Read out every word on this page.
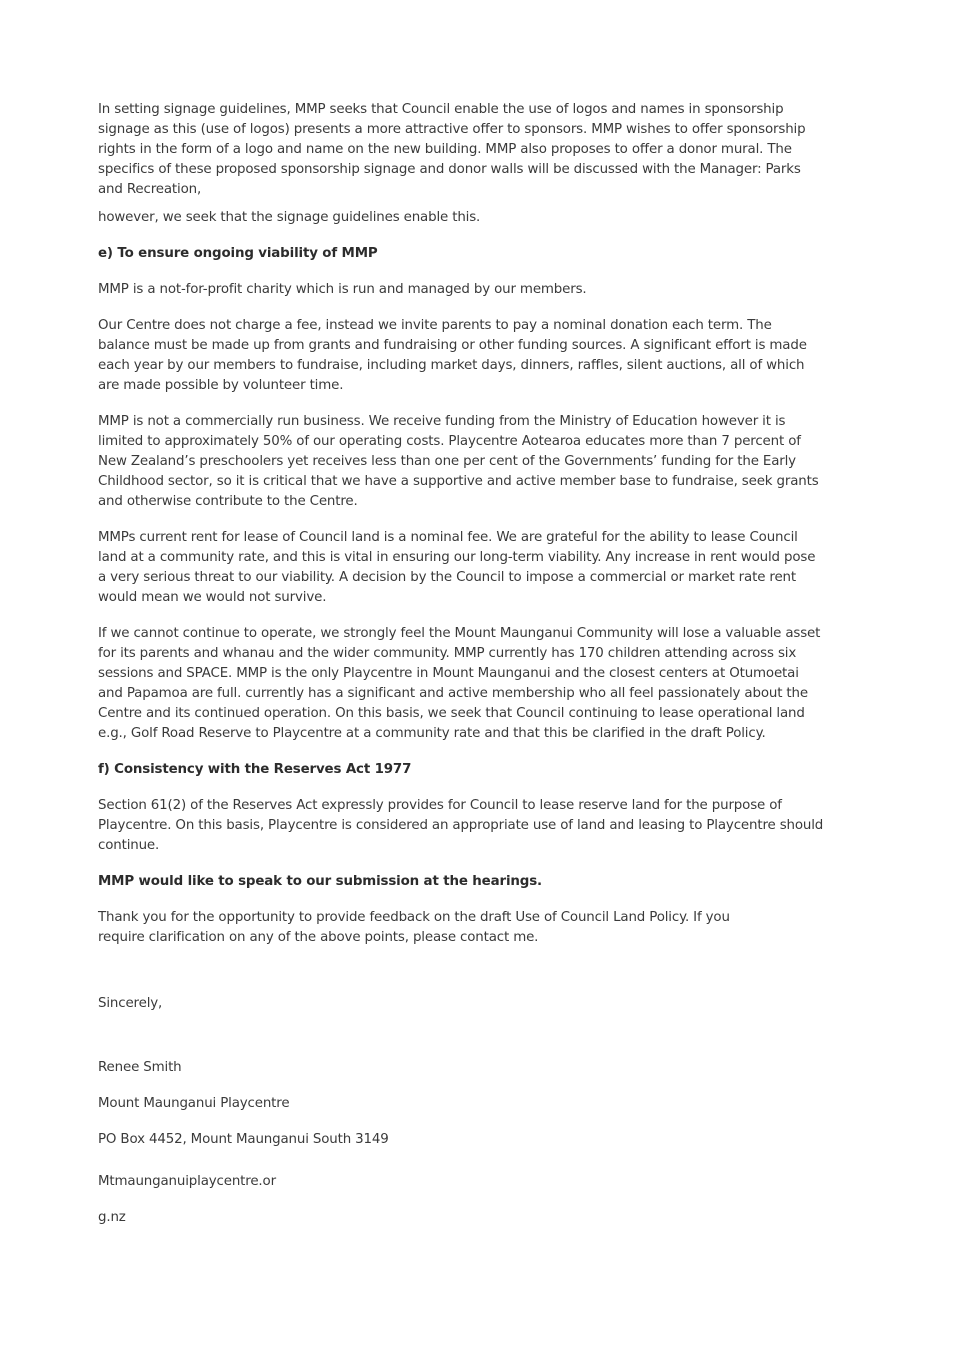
In setting signage guidelines, MMP seeks that Council enable the use of logos and names in sponsorship signage as this (use of logos) presents a more attractive offer to sponsors. MMP wishes to offer sponsorship rights in the form of a logo and name on the new building. MMP also proposes to offer a donor mural. The specifics of these proposed sponsorship signage and donor walls will be discussed with the Manager: Parks and Recreation,

however, we seek that the signage guidelines enable this.

e) To ensure ongoing viability of MMP

MMP is a not-for-profit charity which is run and managed by our members.

Our Centre does not charge a fee, instead we invite parents to pay a nominal donation each term. The balance must be made up from grants and fundraising or other funding sources. A significant effort is made each year by our members to fundraise, including market days, dinners, raffles, silent auctions, all of which are made possible by volunteer time.

MMP is not a commercially run business. We receive funding from the Ministry of Education however it is limited to approximately 50% of our operating costs. Playcentre Aotearoa educates more than 7 percent of New Zealand’s preschoolers yet receives less than one per cent of the Governments’ funding for the Early Childhood sector, so it is critical that we have a supportive and active member base to fundraise, seek grants and otherwise contribute to the Centre.

MMPs current rent for lease of Council land is a nominal fee. We are grateful for the ability to lease Council land at a community rate, and this is vital in ensuring our long-term viability. Any increase in rent would pose a very serious threat to our viability. A decision by the Council to impose a commercial or market rate rent would mean we would not survive.

If we cannot continue to operate, we strongly feel the Mount Maunganui Community will lose a valuable asset for its parents and whanau and the wider community. MMP currently has 170 children attending across six sessions and SPACE. MMP is the only Playcentre in Mount Maunganui and the closest centers at Otumoetai and Papamoa are full. currently has a significant and active membership who all feel passionately about the Centre and its continued operation. On this basis, we seek that Council continuing to lease operational land e.g., Golf Road Reserve to Playcentre at a community rate and that this be clarified in the draft Policy.

f) Consistency with the Reserves Act 1977

Section 61(2) of the Reserves Act expressly provides for Council to lease reserve land for the purpose of Playcentre. On this basis, Playcentre is considered an appropriate use of land and leasing to Playcentre should continue.

MMP would like to speak to our submission at the hearings.

Thank you for the opportunity to provide feedback on the draft Use of Council Land Policy. If you

require clarification on any of the above points, please contact me.

Sincerely,

Renee Smith

Mount Maunganui Playcentre

PO Box 4452, Mount Maunganui South 3149

Mtmaunganuiplaycentre.or

g.nz
